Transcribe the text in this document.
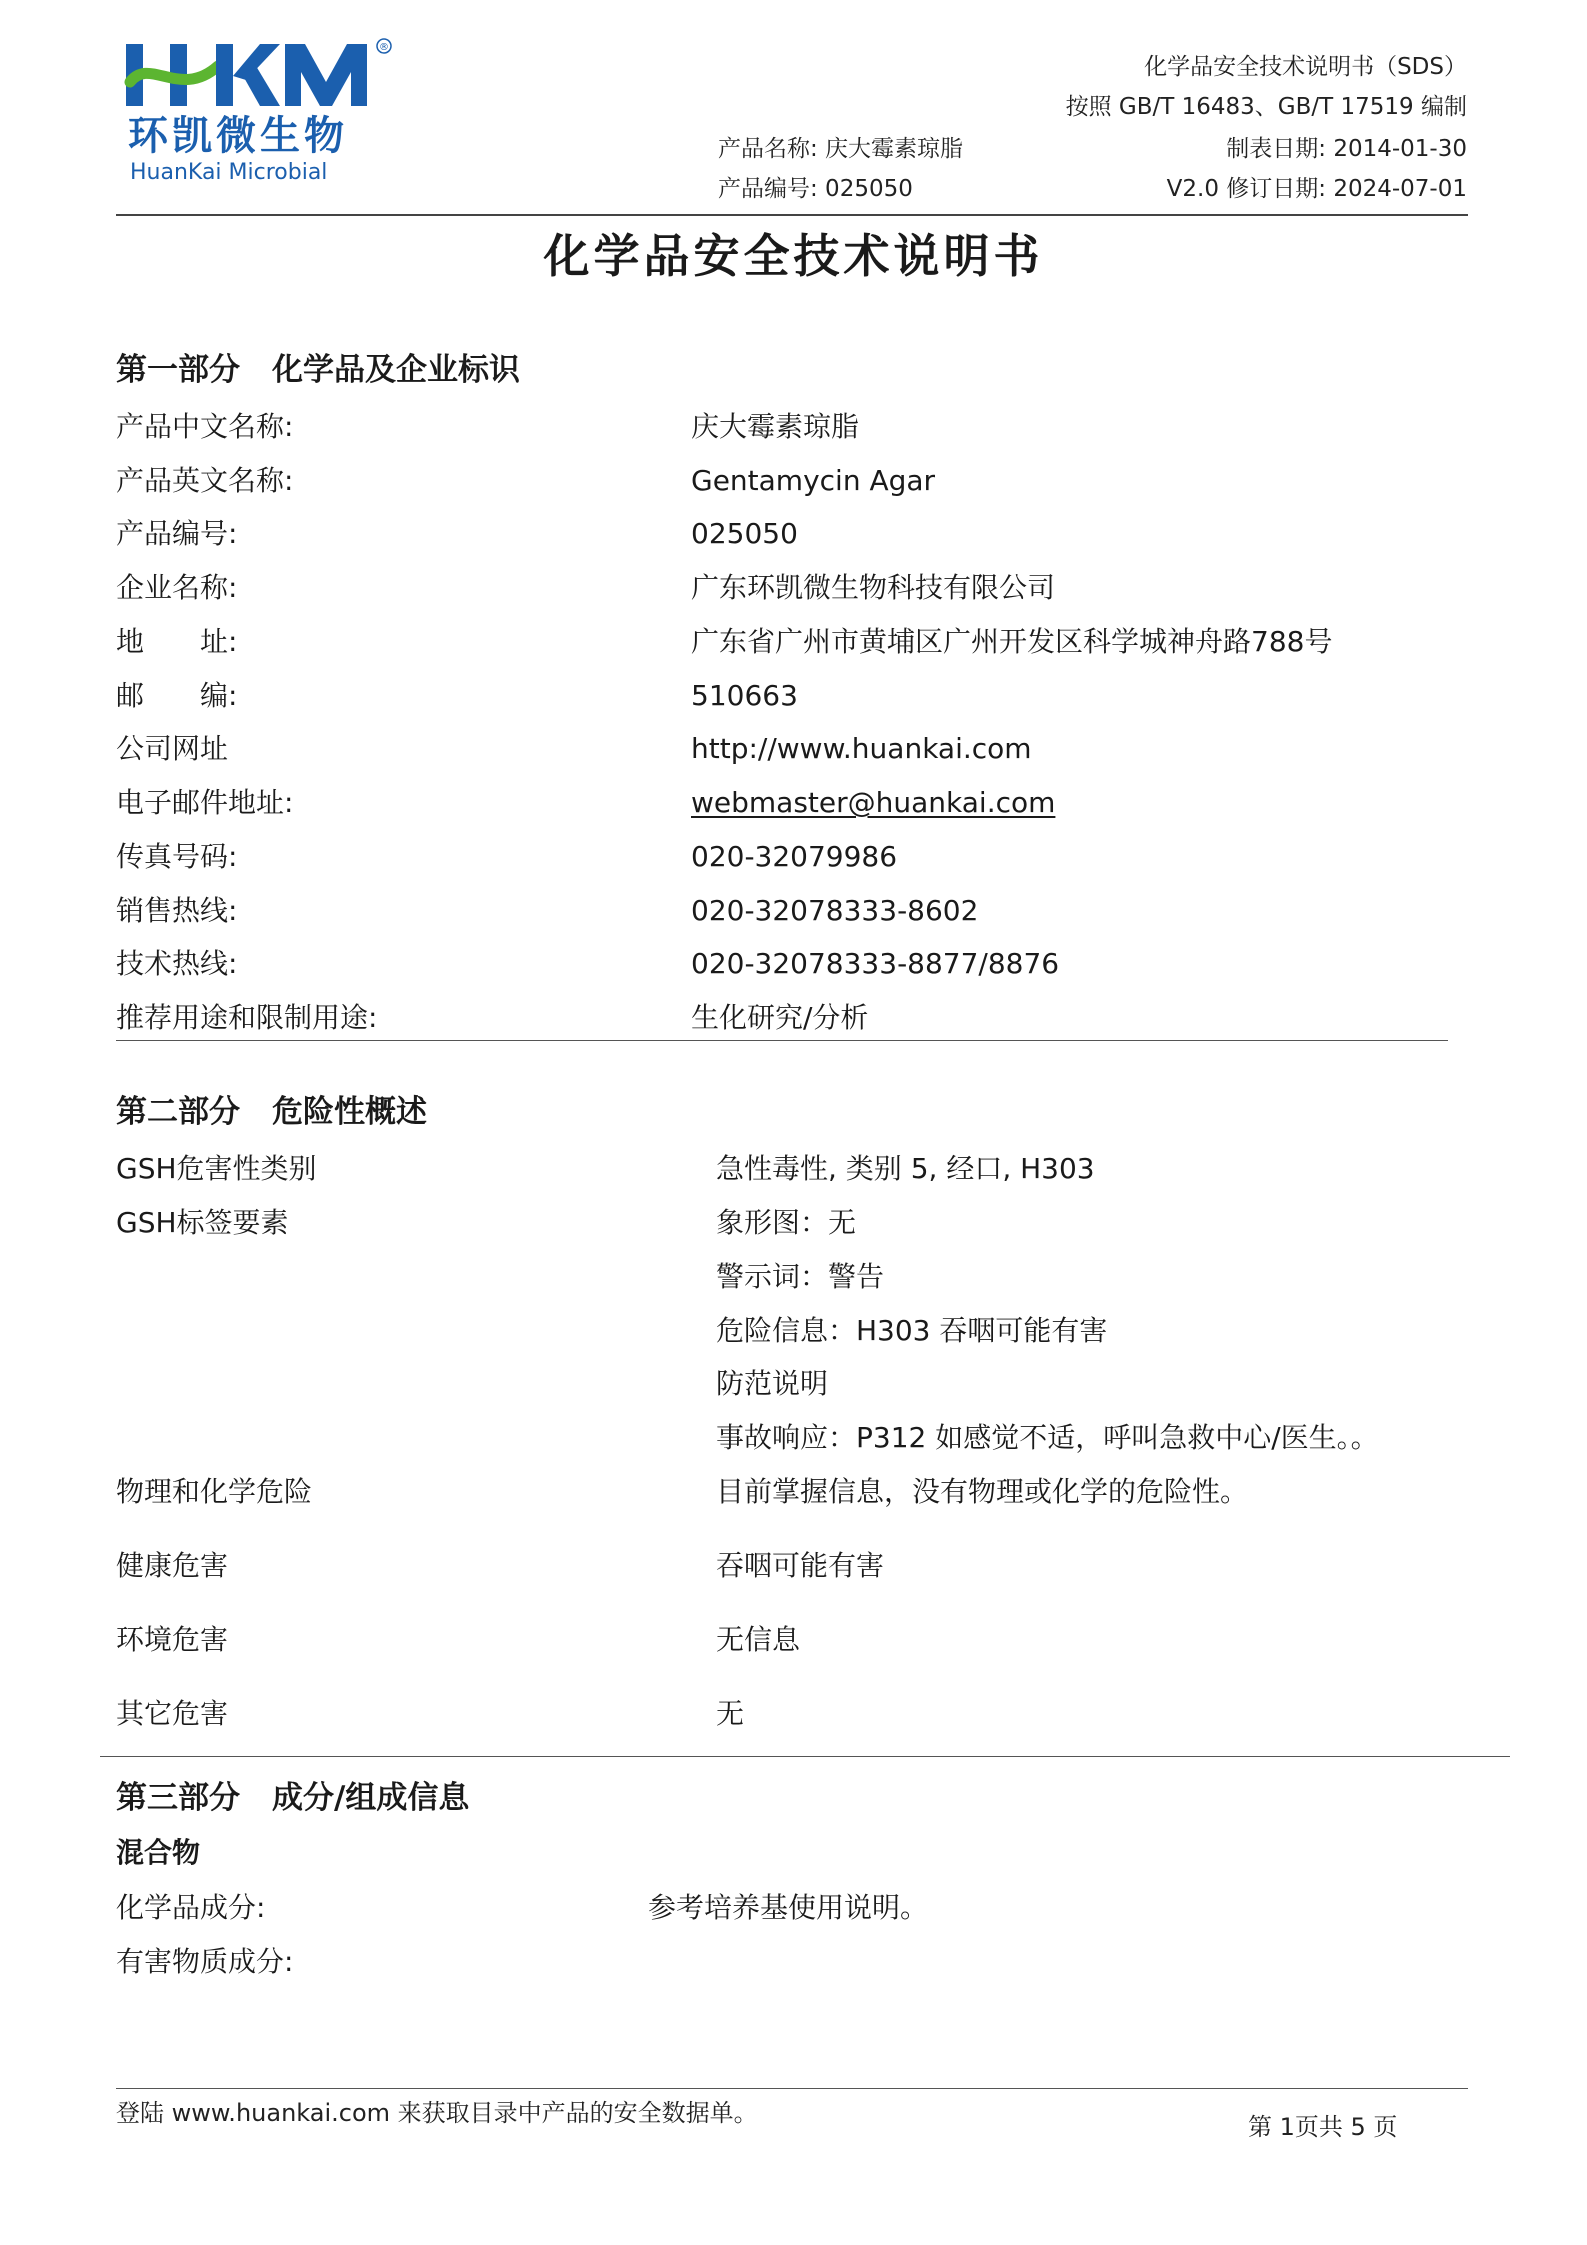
®

环凯微生物

HuanKai Microbial

产品名称: 庆大霉素琼脂
产品编号: 025050
化学品安全技术说明书（SDS）
按照 GB/T 16483、GB/T 17519 编制
制表日期: 2014-01-30
V2.0 修订日期: 2024-07-01
化学品安全技术说明书
第一部分 化学品及企业标识
产品中文名称:	庆大霉素琼脂
产品英文名称:	Gentamycin Agar
产品编号:	025050
企业名称:	广东环凯微生物科技有限公司
地　　址:	广东省广州市黄埔区广州开发区科学城神舟路788号
邮　　编:	510663
公司网址	http://www.huankai.com
电子邮件地址:	webmaster@huankai.com
传真号码:	020-32079986
销售热线:	020-32078333-8602
技术热线:	020-32078333-8877/8876
推荐用途和限制用途:	生化研究/分析
第二部分 危险性概述
GSH危害性类别	急性毒性, 类别 5, 经口, H303
GSH标签要素	象形图：无
警示词：警告
危险信息：H303 吞咽可能有害
防范说明
事故响应：P312 如感觉不适，呼叫急救中心/医生。。
物理和化学危险	目前掌握信息，没有物理或化学的危险性。
健康危害	吞咽可能有害
环境危害	无信息
其它危害	无
第三部分 成分/组成信息
混合物
化学品成分:	参考培养基使用说明。
有害物质成分:
登陆 www.huankai.com 来获取目录中产品的安全数据单。	第 1页共 5 页
